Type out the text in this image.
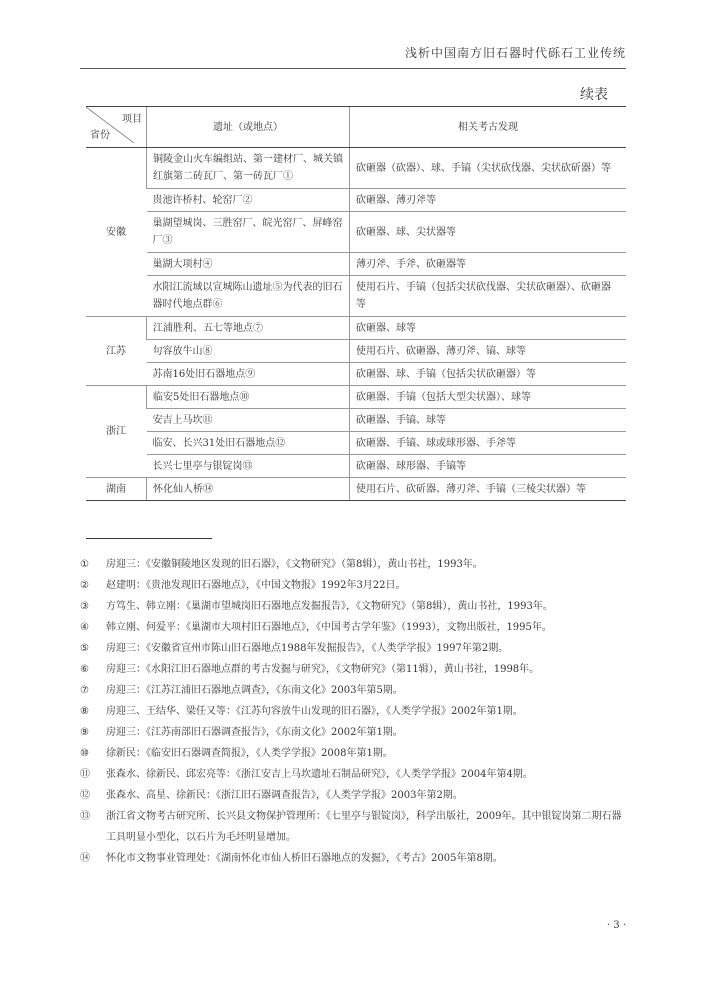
浅析中国南方旧石器时代砾石工业传统
续表
项目
省份	遗址（或地点）	相关考古发现
安徽	铜陵金山火车编组站、第一建材厂、城关镇红旗第二砖瓦厂、第一砖瓦厂①	砍砸器（砍器）、球、手镐（尖状砍伐器、尖状砍斫器）等
	贵池许桥村、轮窑厂②	砍砸器、薄刃斧等
	巢湖望城岗、三胜窑厂、皖光窑厂、屏峰窑厂③	砍砸器、球、尖状器等
	巢湖大项村④	薄刃斧、手斧、砍砸器等
	水阳江流域以宣城陈山遗址⑤为代表的旧石器时代地点群⑥	使用石片、手镐（包括尖状砍伐器、尖状砍砸器）、砍砸器等
江苏	江浦胜利、五七等地点⑦	砍砸器、球等
	句容放牛山⑧	使用石片、砍砸器、薄刃斧、镐、球等
	苏南16处旧石器地点⑨	砍砸器、球、手镐（包括尖状砍砸器）等
浙江	临安5处旧石器地点⑩	砍砸器、手镐（包括大型尖状器）、球等
	安吉上马坎⑪	砍砸器、手镐、球等
	临安、长兴31处旧石器地点⑫	砍砸器、手镐、球或球形器、手斧等
	长兴七里亭与银锭岗⑬	砍砸器、球形器、手镐等
湖南	怀化仙人桥⑭	使用石片、砍斫器、薄刃斧、手镐（三棱尖状器）等
①	房迎三：《安徽铜陵地区发现的旧石器》，《文物研究》（第8辑），黄山书社，1993年。
②	赵建明：《贵池发现旧石器地点》，《中国文物报》1992年3月22日。
③	方笃生、韩立刚：《巢湖市望城岗旧石器地点发掘报告》，《文物研究》（第8辑），黄山书社，1993年。
④	韩立刚、何爱平：《巢湖市大项村旧石器地点》，《中国考古学年鉴》（1993），文物出版社，1995年。
⑤	房迎三：《安徽省宣州市陈山旧石器地点1988年发掘报告》，《人类学学报》1997年第2期。
⑥	房迎三：《水阳江旧石器地点群的考古发掘与研究》，《文物研究》（第11辑），黄山书社，1998年。
⑦	房迎三：《江苏江浦旧石器地点调查》，《东南文化》2003年第5期。
⑧	房迎三、王结华、梁任又等：《江苏句容放牛山发现的旧石器》，《人类学学报》2002年第1期。
⑨	房迎三：《江苏南部旧石器调查报告》，《东南文化》2002年第1期。
⑩	徐新民：《临安旧石器调查简报》，《人类学学报》2008年第1期。
⑪	张森水、徐新民、邱宏亮等：《浙江安吉上马坎遗址石制品研究》，《人类学学报》2004年第4期。
⑫	张森水、高星、徐新民：《浙江旧石器调查报告》，《人类学学报》2003年第2期。
⑬	浙江省文物考古研究所、长兴县文物保护管理所：《七里亭与银锭岗》，科学出版社，2009年。其中银锭岗第二期石器工具明显小型化，以石片为毛坯明显增加。
⑭	怀化市文物事业管理处：《湖南怀化市仙人桥旧石器地点的发掘》，《考古》2005年第8期。
· 3 ·
